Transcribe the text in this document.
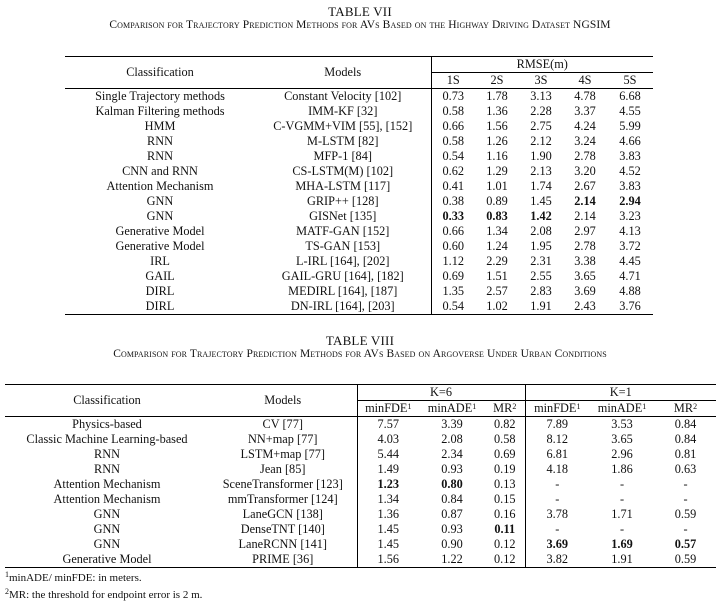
TABLE VII
Comparison for Trajectory Prediction Methods for AVs Based on the Highway Driving Dataset NGSIM
Classification	Models	RMSE(m)				
		1S	2S	3S	4S	5S
Single Trajectory methods	Constant Velocity [102]	0.73	1.78	3.13	4.78	6.68
Kalman Filtering methods	IMM-KF [32]	0.58	1.36	2.28	3.37	4.55
HMM	C-VGMM+VIM [55], [152]	0.66	1.56	2.75	4.24	5.99
RNN	M-LSTM [82]	0.58	1.26	2.12	3.24	4.66
RNN	MFP-1 [84]	0.54	1.16	1.90	2.78	3.83
CNN and RNN	CS-LSTM(M) [102]	0.62	1.29	2.13	3.20	4.52
Attention Mechanism	MHA-LSTM [117]	0.41	1.01	1.74	2.67	3.83
GNN	GRIP++ [128]	0.38	0.89	1.45	2.14	2.94
GNN	GISNet [135]	0.33	0.83	1.42	2.14	3.23
Generative Model	MATF-GAN [152]	0.66	1.34	2.08	2.97	4.13
Generative Model	TS-GAN [153]	0.60	1.24	1.95	2.78	3.72
IRL	L-IRL [164], [202]	1.12	2.29	2.31	3.38	4.45
GAIL	GAIL-GRU [164], [182]	0.69	1.51	2.55	3.65	4.71
DIRL	MEDIRL [164], [187]	1.35	2.57	2.83	3.69	4.88
DIRL	DN-IRL [164], [203]	0.54	1.02	1.91	2.43	3.76
TABLE VIII
Comparison for Trajectory Prediction Methods for AVs Based on Argoverse Under Urban Conditions
Classification	Models	K=6			K=1		
		minFDE$^1$	minADE$^1$	$MR^2$	minFDE$^1$	minADE$^1$	$MR^2$
Physics-based	CV [77]	7.57	3.39	0.82	7.89	3.53	0.84
Classic Machine Learning-based	NN+map [77]	4.03	2.08	0.58	8.12	3.65	0.84
RNN	LSTM+map [77]	5.44	2.34	0.69	6.81	2.96	0.81
RNN	Jean [85]	1.49	0.93	0.19	4.18	1.86	0.63
Attention Mechanism	SceneTransformer [123]	1.23	0.80	0.13	-	-	-
Attention Mechanism	mmTransformer [124]	1.34	0.84	0.15	-	-	-
GNN	LaneGCN [138]	1.36	0.87	0.16	3.78	1.71	0.59
GNN	DenseTNT [140]	1.45	0.93	0.11	-	-	-
GNN	LaneRCNN [141]	1.45	0.90	0.12	3.69	1.69	0.57
Generative Model	PRIME [36]	1.56	1.22	0.12	3.82	1.91	0.59
$^1$minADE/ minFDE: in meters.
$^2$MR: the threshold for endpoint error is 2 m.
